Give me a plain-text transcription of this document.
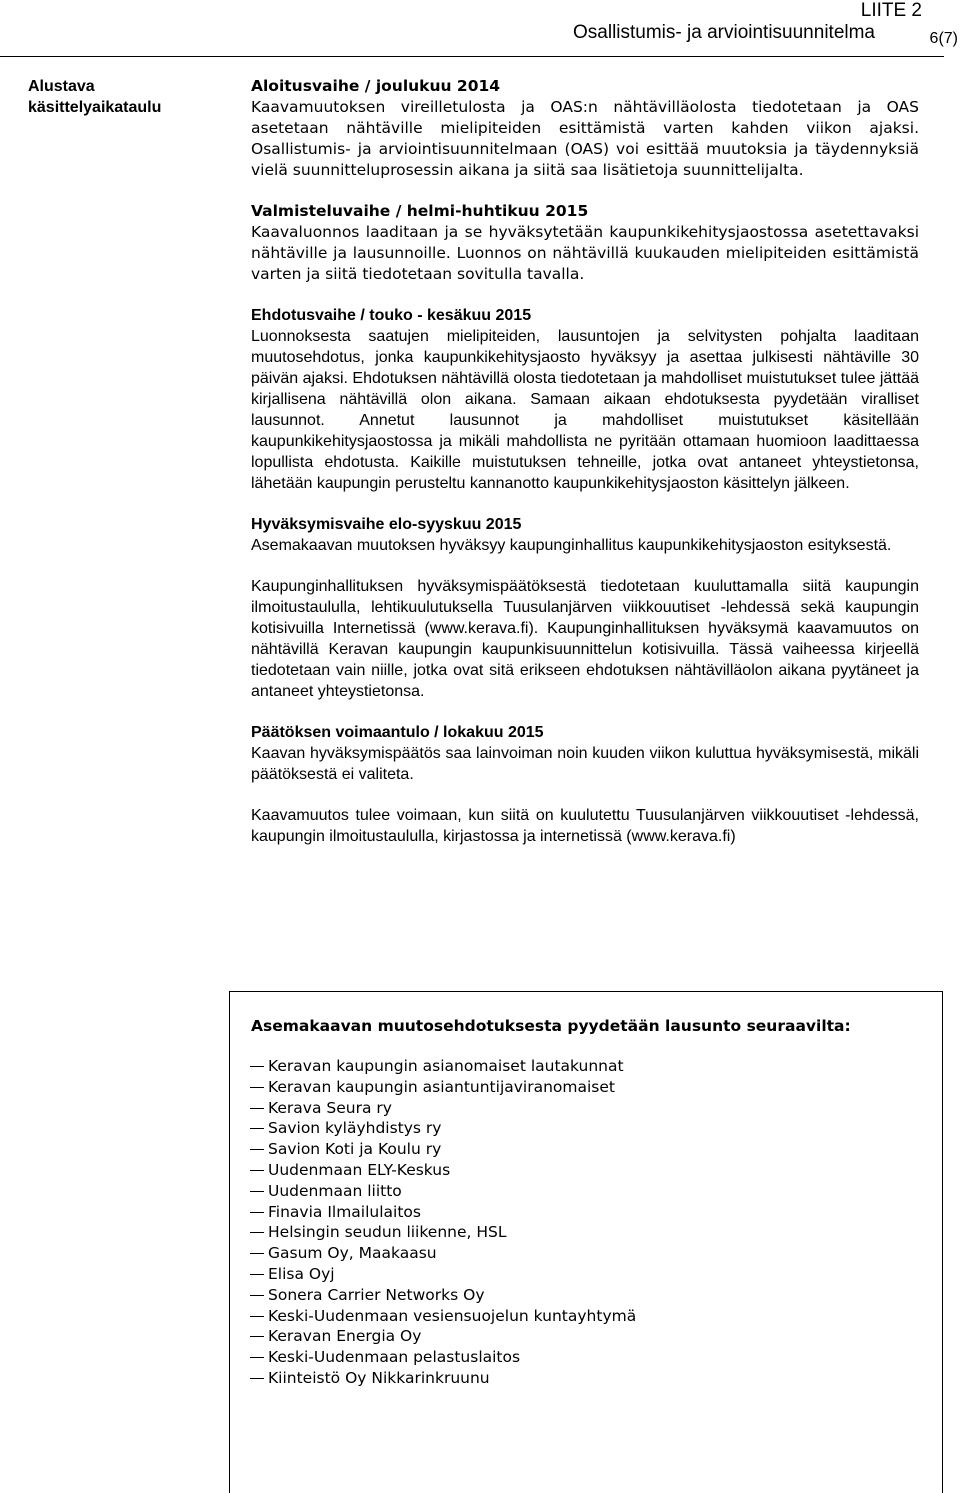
LIITE 2
Osallistumis- ja arviointisuunnitelma	6(7)
Alustava
käsittelyaikataulu
Aloitusvaihe / joulukuu 2014

Kaavamuutoksen vireilletulosta ja OAS:n nähtävilläolosta tiedotetaan ja OAS asetetaan nähtäville mielipiteiden esittämistä varten kahden viikon ajaksi. Osallistumis- ja arviointisuunnitelmaan (OAS) voi esittää muutoksia ja täydennyksiä vielä suunnitteluprosessin aikana ja siitä saa lisätietoja suunnittelijalta.

Valmisteluvaihe / helmi-huhtikuu 2015

Kaavaluonnos laaditaan ja se hyväksytetään kaupunkikehitysjaostossa asetettavaksi nähtäville ja lausunnoille. Luonnos on nähtävillä kuukauden mielipiteiden esittämistä varten ja siitä tiedotetaan sovitulla tavalla.

Ehdotusvaihe / touko - kesäkuu 2015

Luonnoksesta saatujen mielipiteiden, lausuntojen ja selvitysten pohjalta laaditaan muutosehdotus, jonka kaupunkikehitysjaosto hyväksyy ja asettaa julkisesti nähtäville 30 päivän ajaksi. Ehdotuksen nähtävillä olosta tiedotetaan ja mahdolliset muistutukset tulee jättää kirjallisena nähtävillä olon aikana. Samaan aikaan ehdotuksesta pyydetään viralliset lausunnot. Annetut lausunnot ja mahdolliset muistutukset käsitellään kaupunkikehitysjaostossa ja mikäli mahdollista ne pyritään ottamaan huomioon laadittaessa lopullista ehdotusta. Kaikille muistutuksen tehneille, jotka ovat antaneet yhteystietonsa, lähetään kaupungin perusteltu kannanotto kaupunkikehitysjaoston käsittelyn jälkeen.

Hyväksymisvaihe elo-syyskuu 2015

Asemakaavan muutoksen hyväksyy kaupunginhallitus kaupunkikehitysjaoston esityksestä.

Kaupunginhallituksen hyväksymispäätöksestä tiedotetaan kuuluttamalla siitä kaupungin ilmoitustaululla, lehtikuulutuksella Tuusulanjärven viikkouutiset -lehdessä sekä kaupungin kotisivuilla Internetissä (www.kerava.fi). Kaupunginhallituksen hyväksymä kaavamuutos on nähtävillä Keravan kaupungin kaupunkisuunnittelun kotisivuilla. Tässä vaiheessa kirjeellä tiedotetaan vain niille, jotka ovat sitä erikseen ehdotuksen nähtävilläolon aikana pyytäneet ja antaneet yhteystietonsa.

Päätöksen voimaantulo / lokakuu 2015

Kaavan hyväksymispäätös saa lainvoiman noin kuuden viikon kuluttua hyväksymisestä, mikäli päätöksestä ei valiteta.

Kaavamuutos tulee voimaan, kun siitä on kuulutettu Tuusulanjärven viikkouutiset -lehdessä, kaupungin ilmoitustaululla, kirjastossa ja internetissä (www.kerava.fi)

Asemakaavan muutosehdotuksesta pyydetään lausunto seuraavilta:
Keravan kaupungin asianomaiset lautakunnat
Keravan kaupungin asiantuntijaviranomaiset
Kerava Seura ry
Savion kyläyhdistys ry
Savion Koti ja Koulu ry
Uudenmaan ELY-Keskus
Uudenmaan liitto
Finavia Ilmailulaitos
Helsingin seudun liikenne, HSL
Gasum Oy, Maakaasu
Elisa Oyj
Sonera Carrier Networks Oy
Keski-Uudenmaan vesiensuojelun kuntayhtymä
Keravan Energia Oy
Keski-Uudenmaan pelastuslaitos
Kiinteistö Oy Nikkarinkruunu
